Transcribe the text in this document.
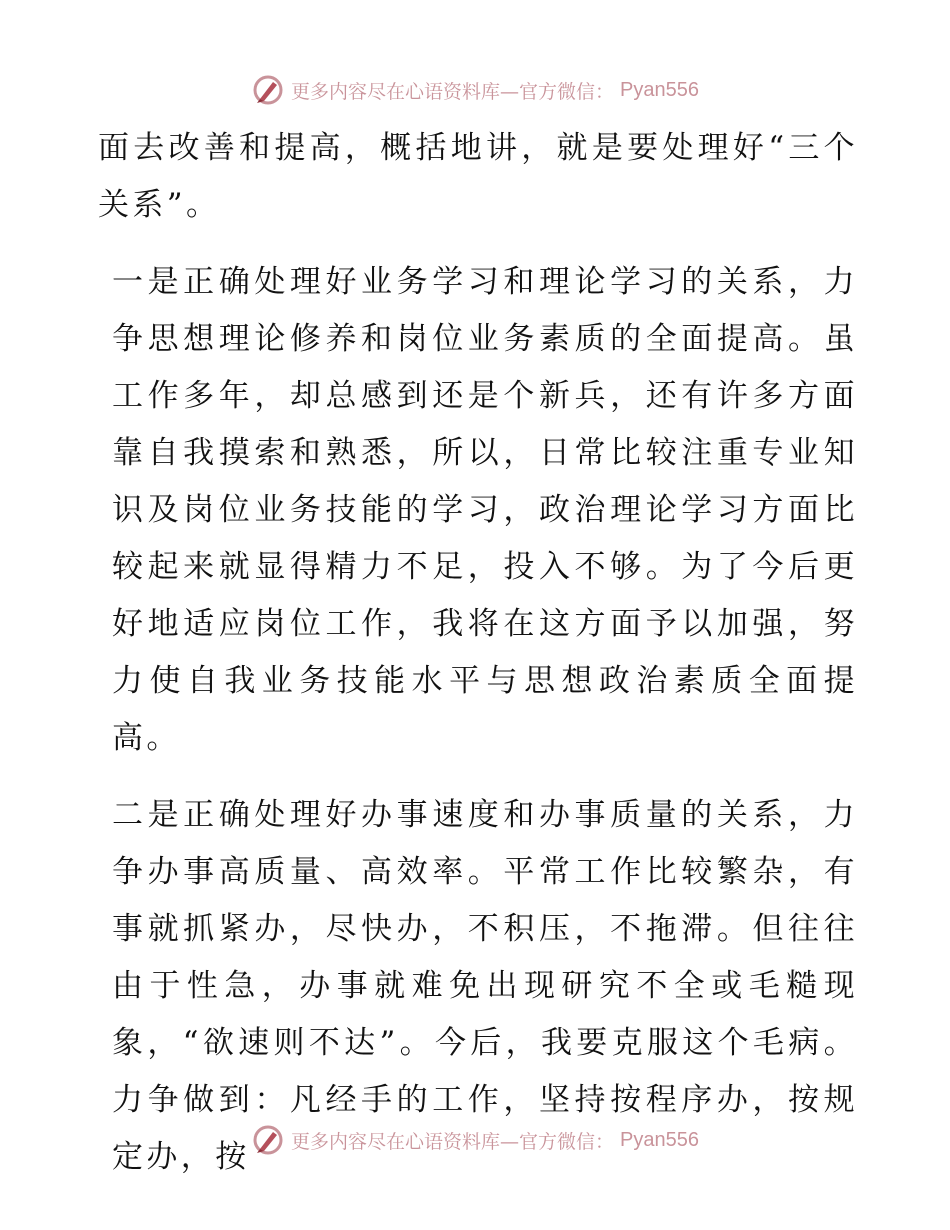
更多内容尽在心语资料库—官方微信： Pyan556

面去改善和提高，概括地讲，就是要处理好“三个关系”。

一是正确处理好业务学习和理论学习的关系，力争思想理论修养和岗位业务素质的全面提高。虽工作多年，却总感到还是个新兵，还有许多方面靠自我摸索和熟悉，所以，日常比较注重专业知识及岗位业务技能的学习，政治理论学习方面比较起来就显得精力不足，投入不够。为了今后更好地适应岗位工作，我将在这方面予以加强，努力使自我业务技能水平与思想政治素质全面提高。

二是正确处理好办事速度和办事质量的关系，力争办事高质量、高效率。平常工作比较繁杂，有事就抓紧办，尽快办，不积压，不拖滞。但往往由于性急，办事就难免出现研究不全或毛糙现象，“欲速则不达”。今后，我要克服这个毛病。力争做到：凡经手的工作，坚持按程序办，按规定办，按	更多内容尽在心语资料库—官方微信： Pyan556
